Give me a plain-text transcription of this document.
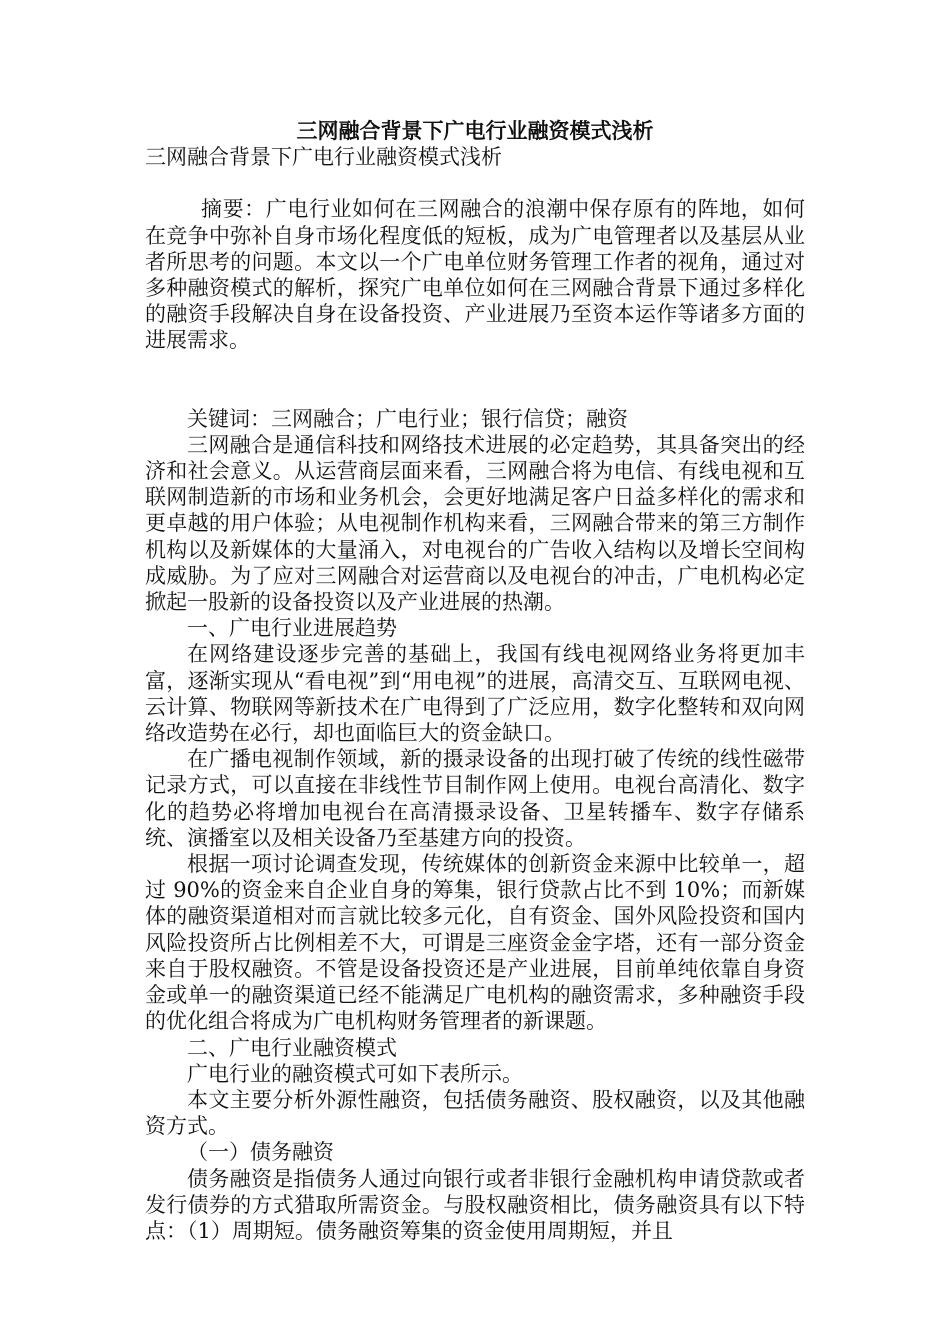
三网融合背景下广电行业融资模式浅析

三网融合背景下广电行业融资模式浅析

摘要：广电行业如何在三网融合的浪潮中保存原有的阵地，如何在竞争中弥补自身市场化程度低的短板，成为广电管理者以及基层从业者所思考的问题。本文以一个广电单位财务管理工作者的视角，通过对多种融资模式的解析，探究广电单位如何在三网融合背景下通过多样化的融资手段解决自身在设备投资、产业进展乃至资本运作等诸多方面的进展需求。

关键词：三网融合；广电行业；银行信贷；融资

三网融合是通信科技和网络技术进展的必定趋势，其具备突出的经济和社会意义。从运营商层面来看，三网融合将为电信、有线电视和互联网制造新的市场和业务机会，会更好地满足客户日益多样化的需求和更卓越的用户体验；从电视制作机构来看，三网融合带来的第三方制作机构以及新媒体的大量涌入，对电视台的广告收入结构以及增长空间构成威胁。为了应对三网融合对运营商以及电视台的冲击，广电机构必定掀起一股新的设备投资以及产业进展的热潮。

一、广电行业进展趋势

在网络建设逐步完善的基础上，我国有线电视网络业务将更加丰富，逐渐实现从“看电视”到“用电视”的进展，高清交互、互联网电视、云计算、物联网等新技术在广电得到了广泛应用，数字化整转和双向网络改造势在必行，却也面临巨大的资金缺口。

在广播电视制作领域，新的摄录设备的出现打破了传统的线性磁带记录方式，可以直接在非线性节目制作网上使用。电视台高清化、数字化的趋势必将增加电视台在高清摄录设备、卫星转播车、数字存储系统、演播室以及相关设备乃至基建方向的投资。

根据一项讨论调查发现，传统媒体的创新资金来源中比较单一，超过 90%的资金来自企业自身的筹集，银行贷款占比不到 10%；而新媒体的融资渠道相对而言就比较多元化，自有资金、国外风险投资和国内风险投资所占比例相差不大，可谓是三座资金金字塔，还有一部分资金来自于股权融资。不管是设备投资还是产业进展，目前单纯依靠自身资金或单一的融资渠道已经不能满足广电机构的融资需求，多种融资手段的优化组合将成为广电机构财务管理者的新课题。

二、广电行业融资模式

广电行业的融资模式可如下表所示。

本文主要分析外源性融资，包括债务融资、股权融资，以及其他融资方式。

（一）债务融资

债务融资是指债务人通过向银行或者非银行金融机构申请贷款或者发行债券的方式猎取所需资金。与股权融资相比，债务融资具有以下特点：（1）周期短。债务融资筹集的资金使用周期短，并且
